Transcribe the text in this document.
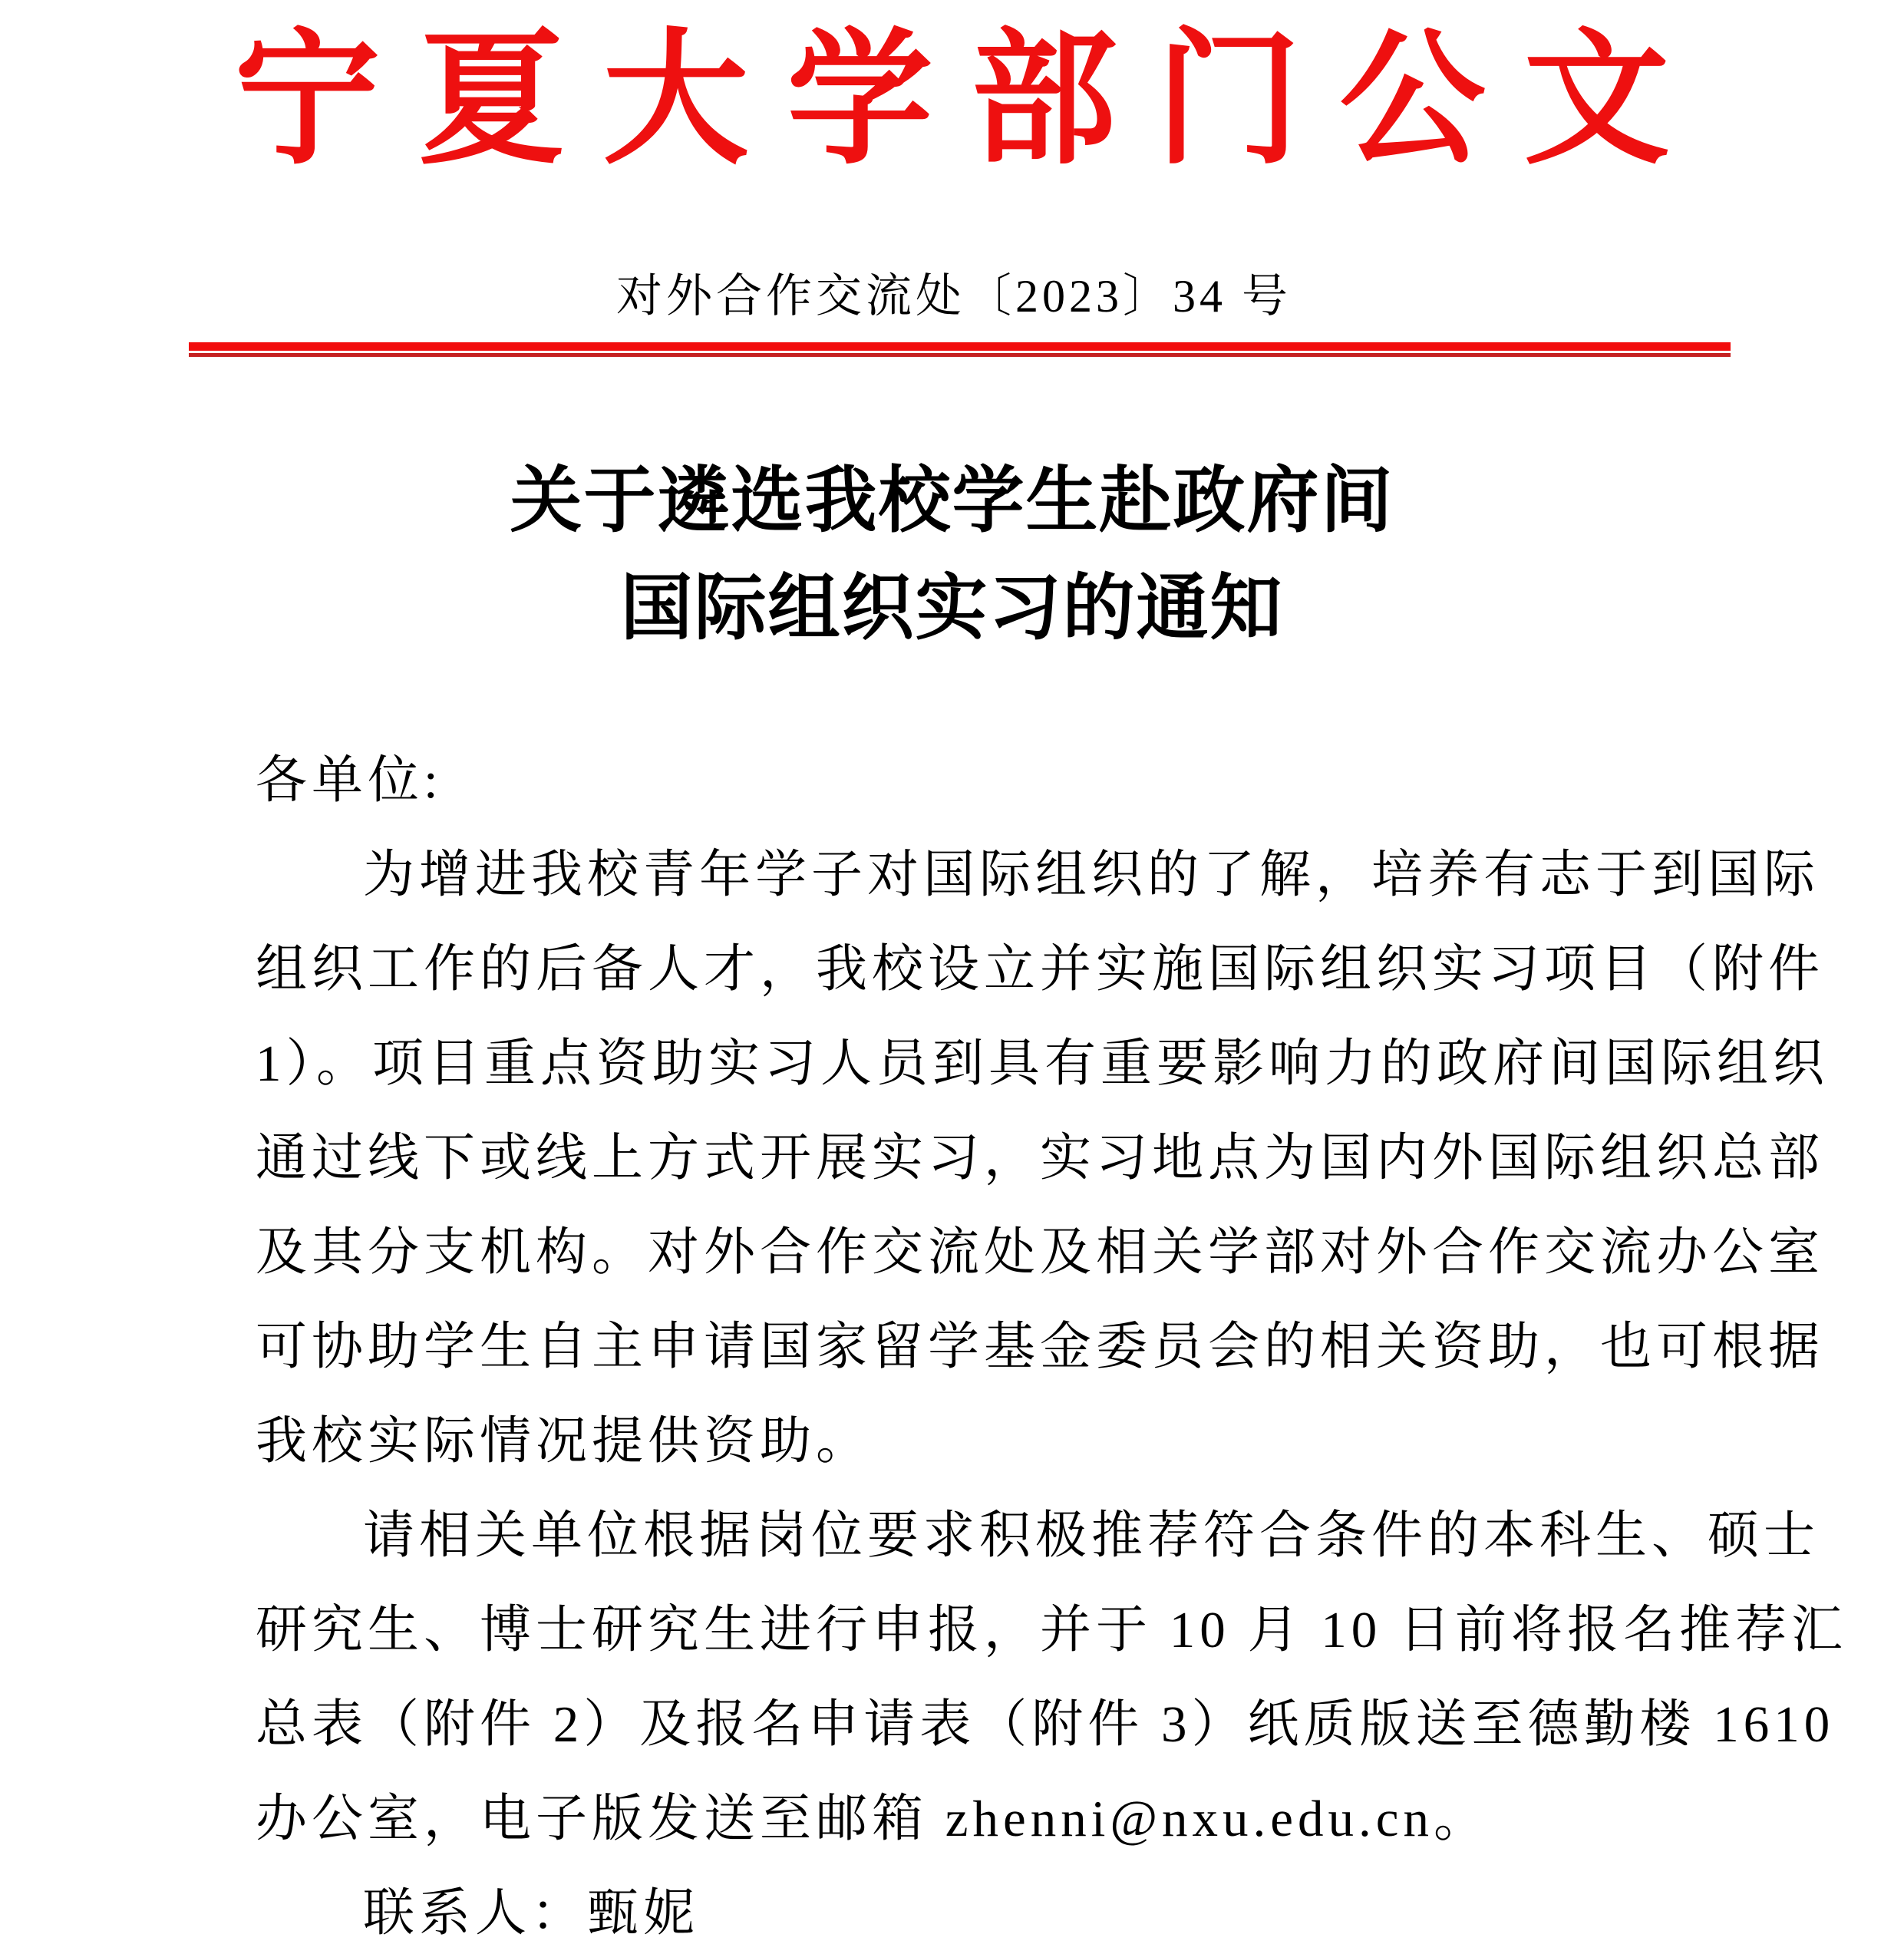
宁夏大学部门公文
对外合作交流处〔2023〕34 号
关于遴选我校学生赴政府间
国际组织实习的通知
各单位:
为增进我校青年学子对国际组织的了解，培养有志于到国际
组织工作的后备人才，我校设立并实施国际组织实习项目（附件
1）。项目重点资助实习人员到具有重要影响力的政府间国际组织
通过线下或线上方式开展实习，实习地点为国内外国际组织总部
及其分支机构。对外合作交流处及相关学部对外合作交流办公室
可协助学生自主申请国家留学基金委员会的相关资助，也可根据
我校实际情况提供资助。
请相关单位根据岗位要求积极推荐符合条件的本科生、硕士
研究生、博士研究生进行申报，并于 10 月 10 日前将报名推荐汇
总表（附件 2）及报名申请表（附件 3）纸质版送至德勤楼 1610
办公室，电子版发送至邮箱 zhenni@nxu.edu.cn。
联系人：甄妮
